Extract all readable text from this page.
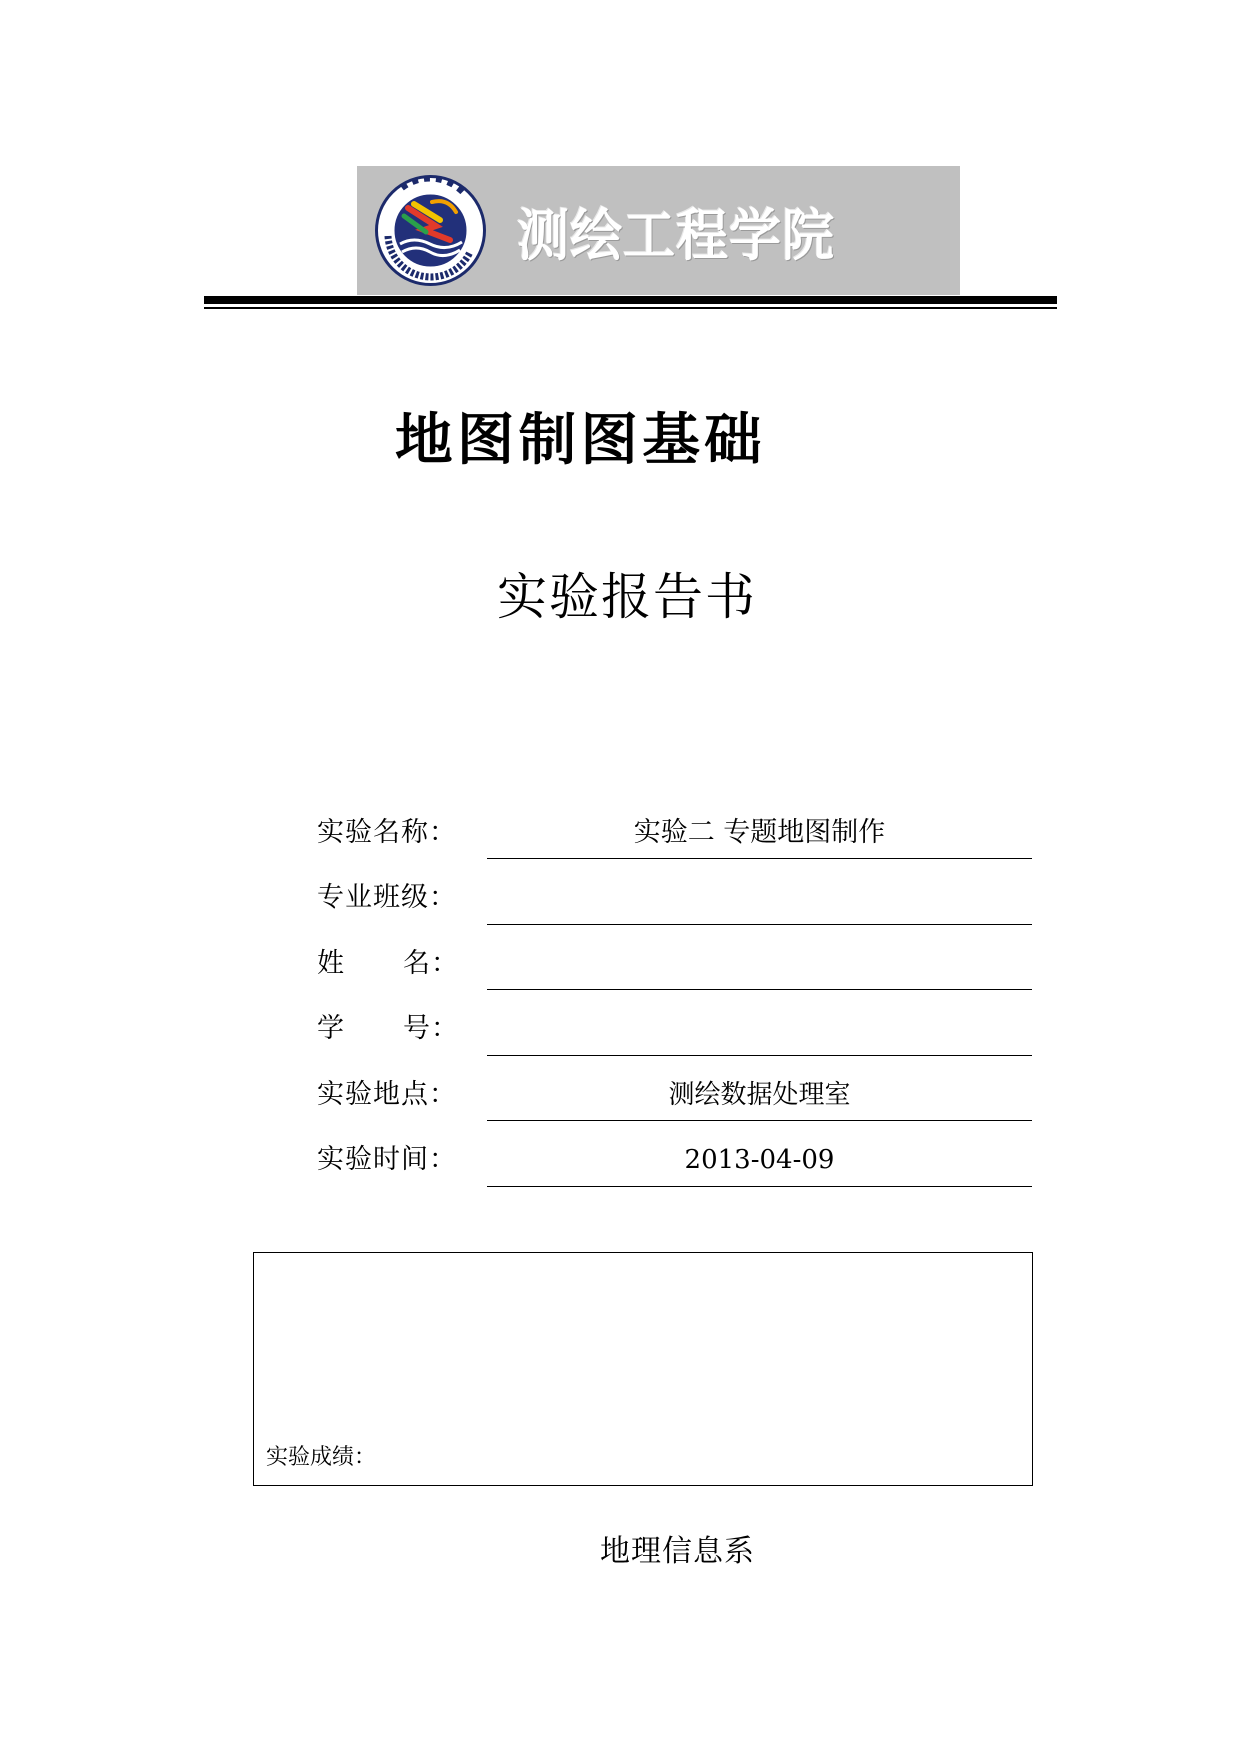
测绘工程学院
地图制图基础
实验报告书
实验名称：	实验二 专题地图制作
专业班级：
姓 名：
学 号：
实验地点：	测绘数据处理室
实验时间：	2013-04-09
实验成绩：
地理信息系
